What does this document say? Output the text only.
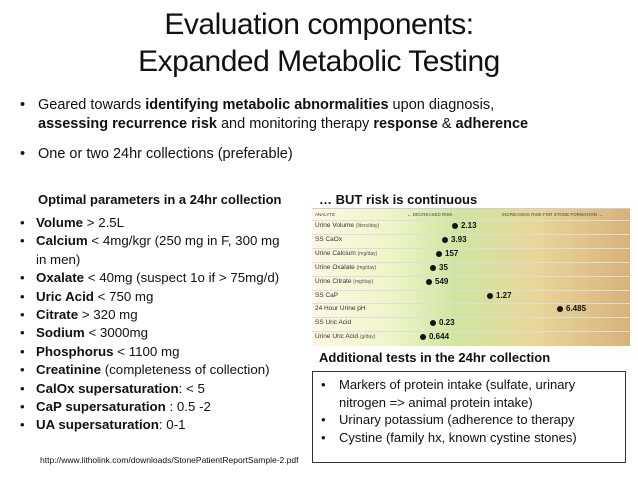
Evaluation components:
Expanded Metabolic Testing
• Geared towards identifying metabolic abnormalities upon diagnosis,
assessing recurrence risk and monitoring therapy response & adherence
• One or two 24hr collections (preferable)
Optimal parameters in a 24hr collection	… BUT risk is continuous
• Volume > 2.5L
• Calcium < 4mg/kgr (250 mg in F, 300 mg
in men)
• Oxalate < 40mg (suspect 1o if > 75mg/d)
• Uric Acid < 750 mg
• Citrate > 320 mg
• Sodium < 3000mg
• Phosphorus < 1100 mg
• Creatinine (completeness of collection)
• CalOx supersaturation: < 5
• CaP supersaturation : 0.5 -2
• UA supersaturation: 0-1
http://www.litholink.com/downloads/StonePatientReportSample-2.pdf
ANALYTE	← DECREASED RISK	INCREASING RISK FOR STONE FORMATION →
Urine Volume (liters/day)	2.13
SS CaOx	3.93
Urine Calcium (mg/day)	157
Urine Oxalate (mg/day)	35
Urine Citrate (mg/day)	549
SS CaP	1.27
24 Hour Urine pH	6.485
SS Uric Acid	0.23
Urine Uric Acid (g/day)	0.644
Additional tests in the 24hr collection
• Markers of protein intake (sulfate, urinary nitrogen => animal protein intake)
• Urinary potassium (adherence to therapy
• Cystine (family hx, known cystine stones)
